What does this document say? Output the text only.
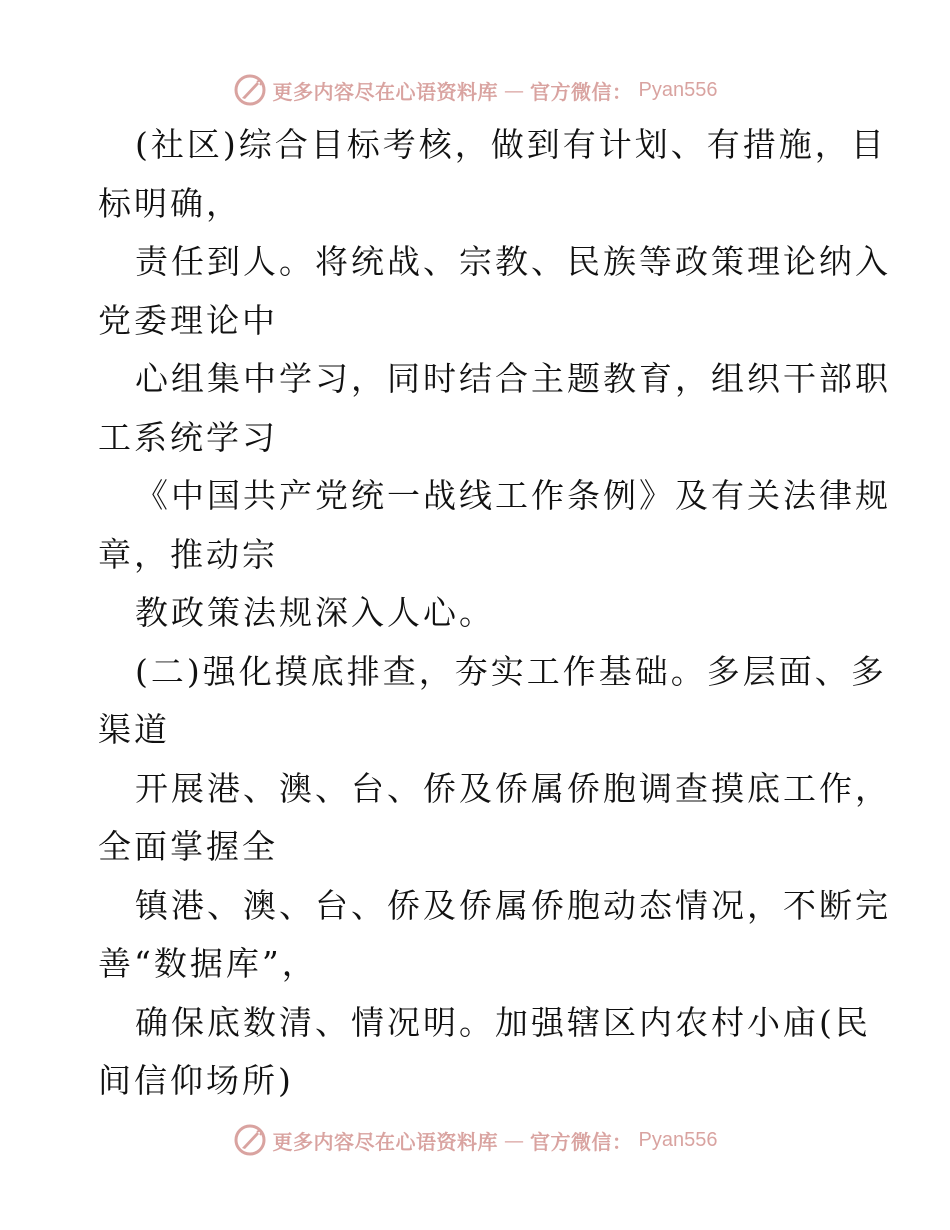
更多内容尽在心语资料库 — 官方微信： Pyan556
(社区)综合目标考核，做到有计划、有措施，目
标明确，
责任到人。将统战、宗教、民族等政策理论纳入
党委理论中
心组集中学习，同时结合主题教育，组织干部职
工系统学习
《中国共产党统一战线工作条例》及有关法律规
章，推动宗
教政策法规深入人心。
(二)强化摸底排查，夯实工作基础。多层面、多
渠道
开展港、澳、台、侨及侨属侨胞调查摸底工作，
全面掌握全
镇港、澳、台、侨及侨属侨胞动态情况，不断完
善“数据库”，
确保底数清、情况明。加强辖区内农村小庙(民
间信仰场所)
更多内容尽在心语资料库 — 官方微信： Pyan556
